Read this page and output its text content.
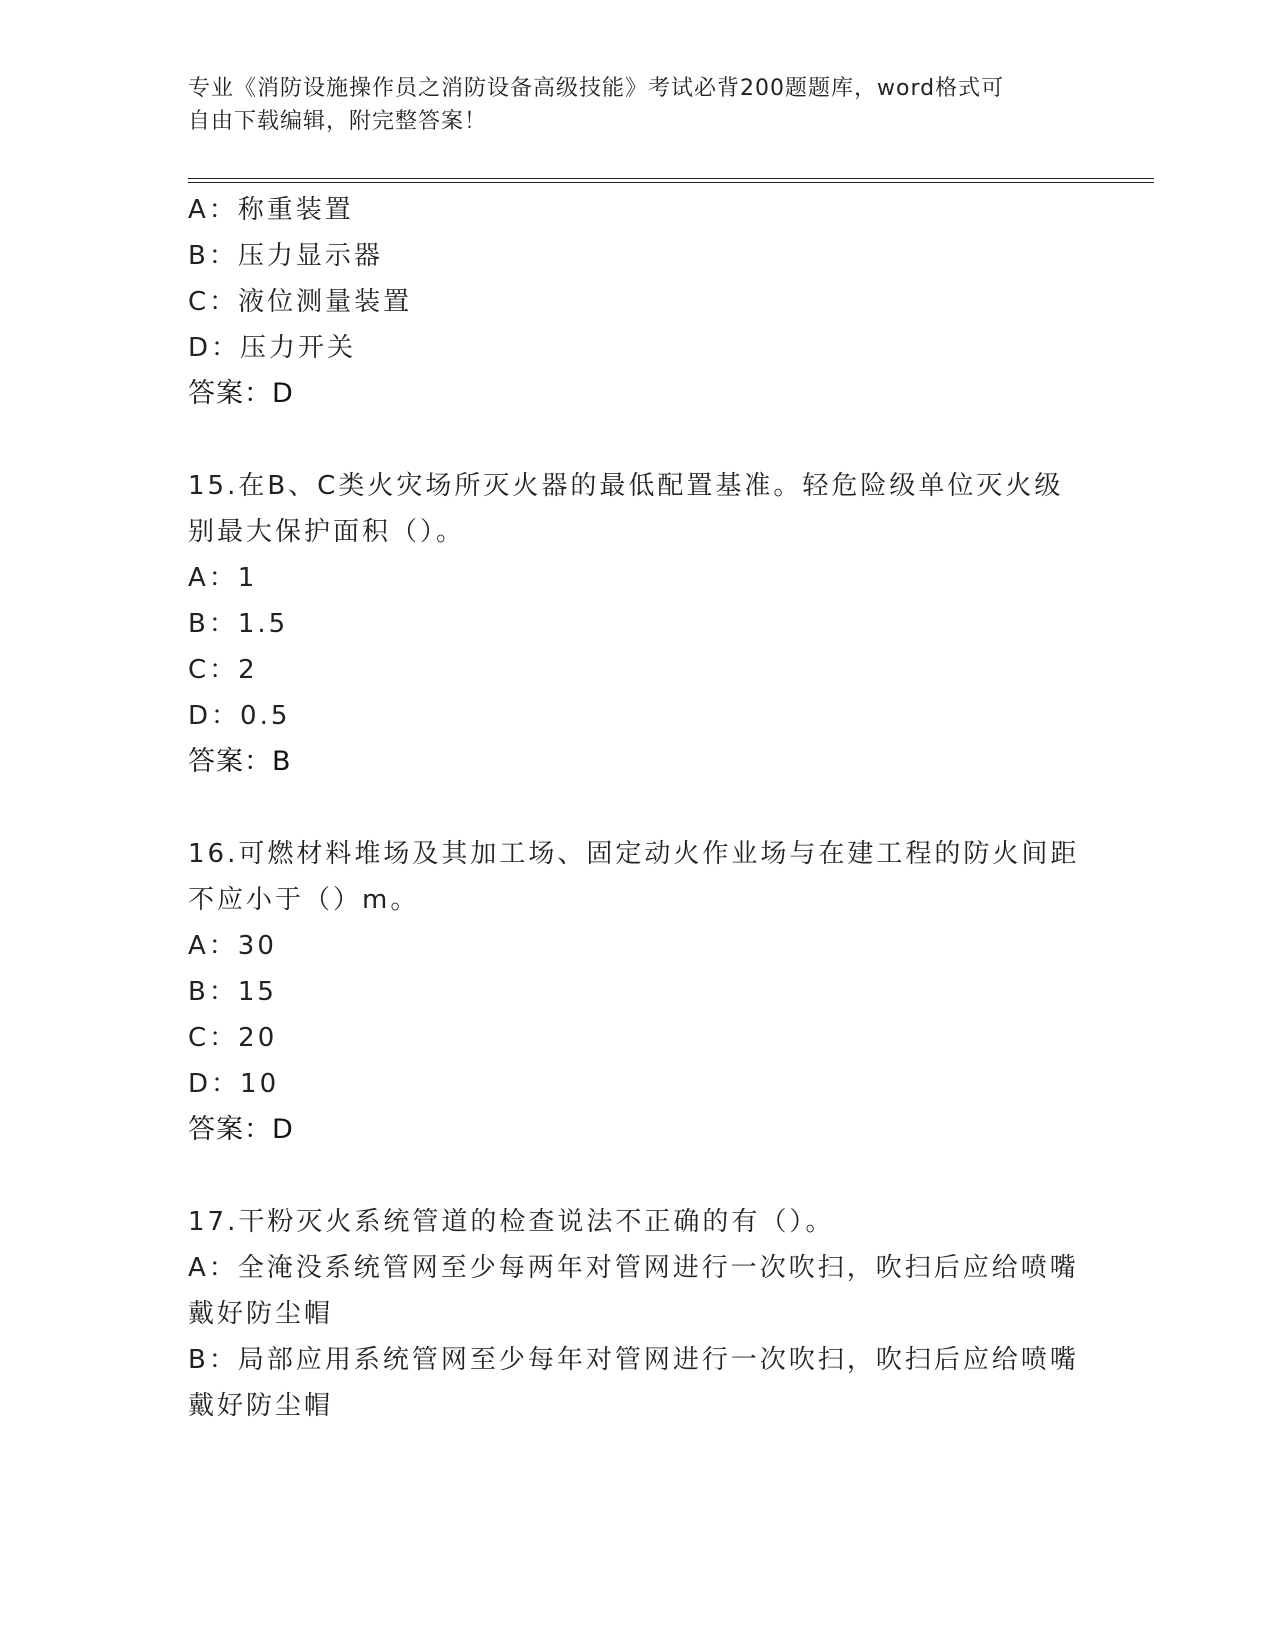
专业《消防设施操作员之消防设备高级技能》考试必背200题题库，word格式可
自由下载编辑，附完整答案！
A：称重装置
B：压力显示器
C：液位测量装置
D：压力开关
答案：D
15.在B、C类火灾场所灭火器的最低配置基准。轻危险级单位灭火级
别最大保护面积（）。
A：1
B：1.5
C：2
D：0.5
答案：B
16.可燃材料堆场及其加工场、固定动火作业场与在建工程的防火间距
不应小于（）m。
A：30
B：15
C：20
D：10
答案：D
17.干粉灭火系统管道的检查说法不正确的有（）。
A：全淹没系统管网至少每两年对管网进行一次吹扫，吹扫后应给喷嘴
戴好防尘帽
B：局部应用系统管网至少每年对管网进行一次吹扫，吹扫后应给喷嘴
戴好防尘帽
